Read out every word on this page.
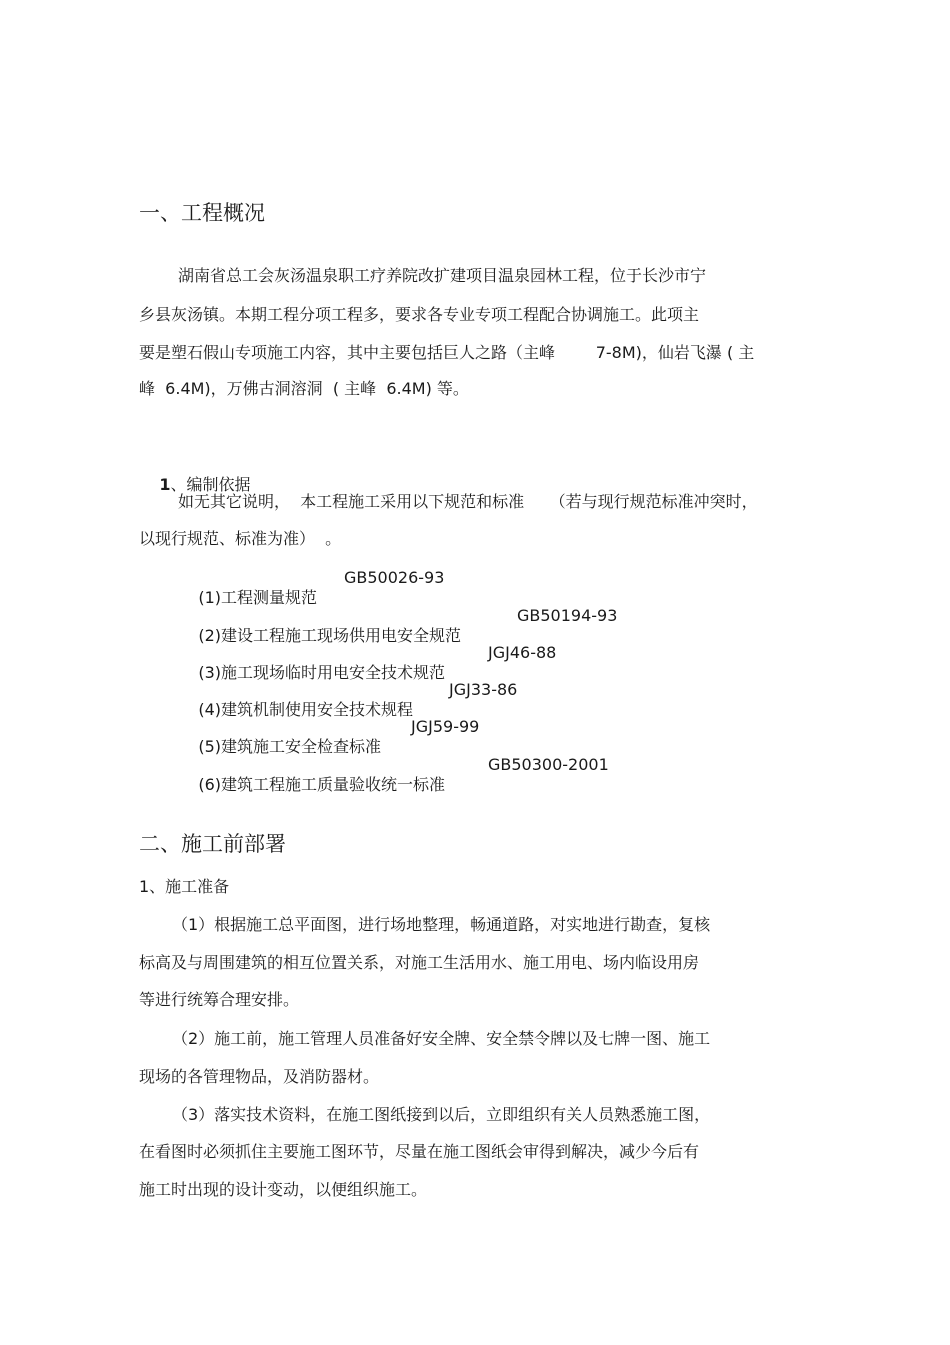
一、工程概况
湖南省总工会灰汤温泉职工疗养院改扩建项目温泉园林工程，位于长沙市宁
乡县灰汤镇。本期工程分项工程多，要求各专业专项工程配合协调施工。此项主
要是塑石假山专项施工内容，其中主要包括巨人之路（主峰        7-8M)，仙岩飞瀑 ( 主
峰  6.4M)，万佛古洞溶洞  ( 主峰  6.4M) 等。

1、编制依据

如无其它说明，  本工程施工采用以下规范和标准     （若与现行规范标准冲突时，
以现行规范、标准为准）  。

(1)工程测量规范
GB50026-93

(2)建设工程施工现场供用电安全规范
GB50194-93

(3)施工现场临时用电安全技术规范
JGJ46-88

(4)建筑机制使用安全技术规程
JGJ33-86

(5)建筑施工安全检查标准
JGJ59-99

(6)建筑工程施工质量验收统一标准
GB50300-2001

二、施工前部署
1、施工准备
（1）根据施工总平面图，进行场地整理，畅通道路，对实地进行勘查，复核
标高及与周围建筑的相互位置关系，对施工生活用水、施工用电、场内临设用房
等进行统筹合理安排。
（2）施工前，施工管理人员准备好安全牌、安全禁令牌以及七牌一图、施工
现场的各管理物品，及消防器材。
（3）落实技术资料，在施工图纸接到以后，立即组织有关人员熟悉施工图，
在看图时必须抓住主要施工图环节，尽量在施工图纸会审得到解决，减少今后有
施工时出现的设计变动，以便组织施工。
